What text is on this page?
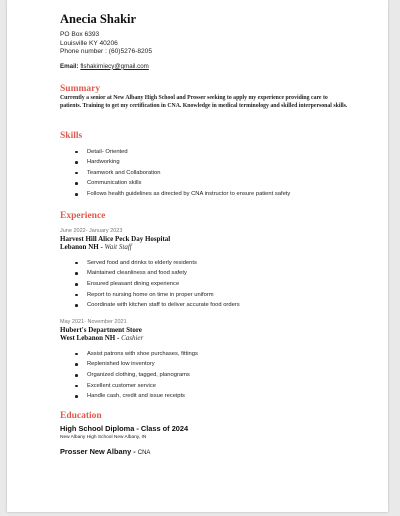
Anecia Shakir
PO Box 6393
Louisville KY 40206
Phone number : (60)5276-8205
Email: flshakirniecy@gmail.com
Summary
Currently a senior at New Albany High School and Prosser seeking to apply my experience providing care to patients. Training to get my certification in CNA. Knowledge in medical terminology and skilled interpersonal skills.
Skills
Detail- Oriented
Hardworking
Teamwork and Collaboration
Communication skills
Follows health guidelines as directed by CNA instructor to ensure patient safety
Experience
June 2022- January 2023
Harvest Hill Alice Peck Day Hospital
Lebanon NH - Wait Staff
Served food and drinks to elderly residents
Maintained cleanliness and food safety
Ensured pleasant dining experience
Report to nursing home on time in proper uniform
Coordinate with kitchen staff to deliver accurate food orders
May 2021- November 2021
Hubert's Department Store
West Lebanon NH - Cashier
Assist patrons with shoe purchases, fittings
Replenished low inventory
Organized clothing, tagged, planograms
Excellent customer service
Handle cash, credit and issue receipts
Education
High School Diploma - Class of 2024
New Albany High School New Albany, IN
Prosser New Albany - CNA
